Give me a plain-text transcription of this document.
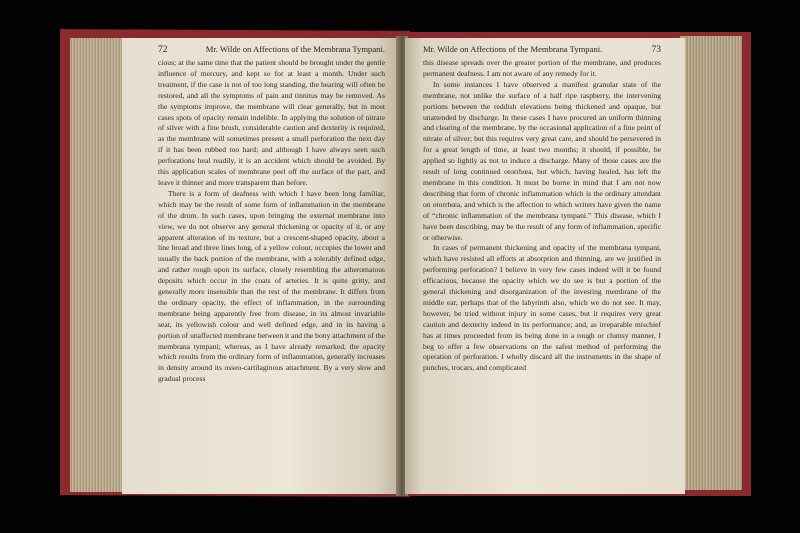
72	Mr. Wilde on Affections of the Membrana Tympani.

cious; at the same time that the patient should be brought under the gentle influence of mercury, and kept so for at least a month. Under such treatment, if the case is not of too long standing, the hearing will often be restored, and all the symptoms of pain and tinnitus may be removed. As the symptoms improve, the membrane will clear generally, but in most cases spots of opacity remain indelible. In applying the solution of nitrate of silver with a fine brush, considerable caution and dexterity is required, as the membrane will sometimes present a small perforation the next day if it has been rubbed too hard; and although I have always seen such perforations heal readily, it is an accident which should be avoided. By this application scales of membrane peel off the surface of the part, and leave it thinner and more transparent than before.

There is a form of deafness with which I have been long familiar, which may be the result of some form of inflammation in the membrane of the drum. In such cases, upon bringing the external membrane into view, we do not observe any general thickening or opacity of it, or any apparent alteration of its texture, but a crescent-shaped opacity, about a line broad and three lines long, of a yellow colour, occupies the lower and usually the back portion of the membrane, with a tolerably defined edge, and rather rough upon its surface, closely resembling the atheromatous deposits which occur in the coats of arteries. It is quite gritty, and generally more insensible than the rest of the membrane. It differs from the ordinary opacity, the effect of inflammation, in the surrounding membrane being apparently free from disease, in its almost invariable seat, its yellowish colour and well defined edge, and in its having a portion of unaffected membrane between it and the bony attachment of the membrana tympani; whereas, as I have already remarked, the opacity which results from the ordinary form of inflammation, generally increases in density around its osseo-cartilaginous attachment. By a very slow and gradual process

Mr. Wilde on Affections of the Membrana Tympani.	73

this disease spreads over the greater portion of the membrane, and produces permanent deafness. I am not aware of any remedy for it.

In some instances I have observed a manifest granular state of the membrane, not unlike the surface of a half ripe raspberry, the intervening portions between the reddish elevations being thickened and opaque, but unattended by discharge. In these cases I have procured an uniform thinning and clearing of the membrane, by the occasional application of a fine point of nitrate of silver; but this requires very great care, and should be persevered in for a great length of time, at least two months; it should, if possible, be applied so lightly as not to induce a discharge. Many of those cases are the result of long continued otorrhœa, but which, having healed, has left the membrane in this condition. It must be borne in mind that I am not now describing that form of chronic inflammation which is the ordinary attendant on otorrhœa, and which is the affection to which writers have given the name of “chronic inflammation of the membrana tympani.” This disease, which I have been describing, may be the result of any form of inflammation, specific or otherwise.

In cases of permanent thickening and opacity of the membrana tympani, which have resisted all efforts at absorption and thinning, are we justified in performing perforation? I believe in very few cases indeed will it be found efficacious, because the opacity which we do see is but a portion of the general thickening and disorganization of the investing membrane of the middle ear, perhaps that of the labyrinth also, which we do not see. It may, however, be tried without injury in some cases, but it requires very great caution and dexterity indeed in its performance; and, as irreparable mischief has at times proceeded from its being done in a rough or clumsy manner, I beg to offer a few observations on the safest method of performing the operation of perforation. I wholly discard all the instruments in the shape of punches, trocars, and complicated
